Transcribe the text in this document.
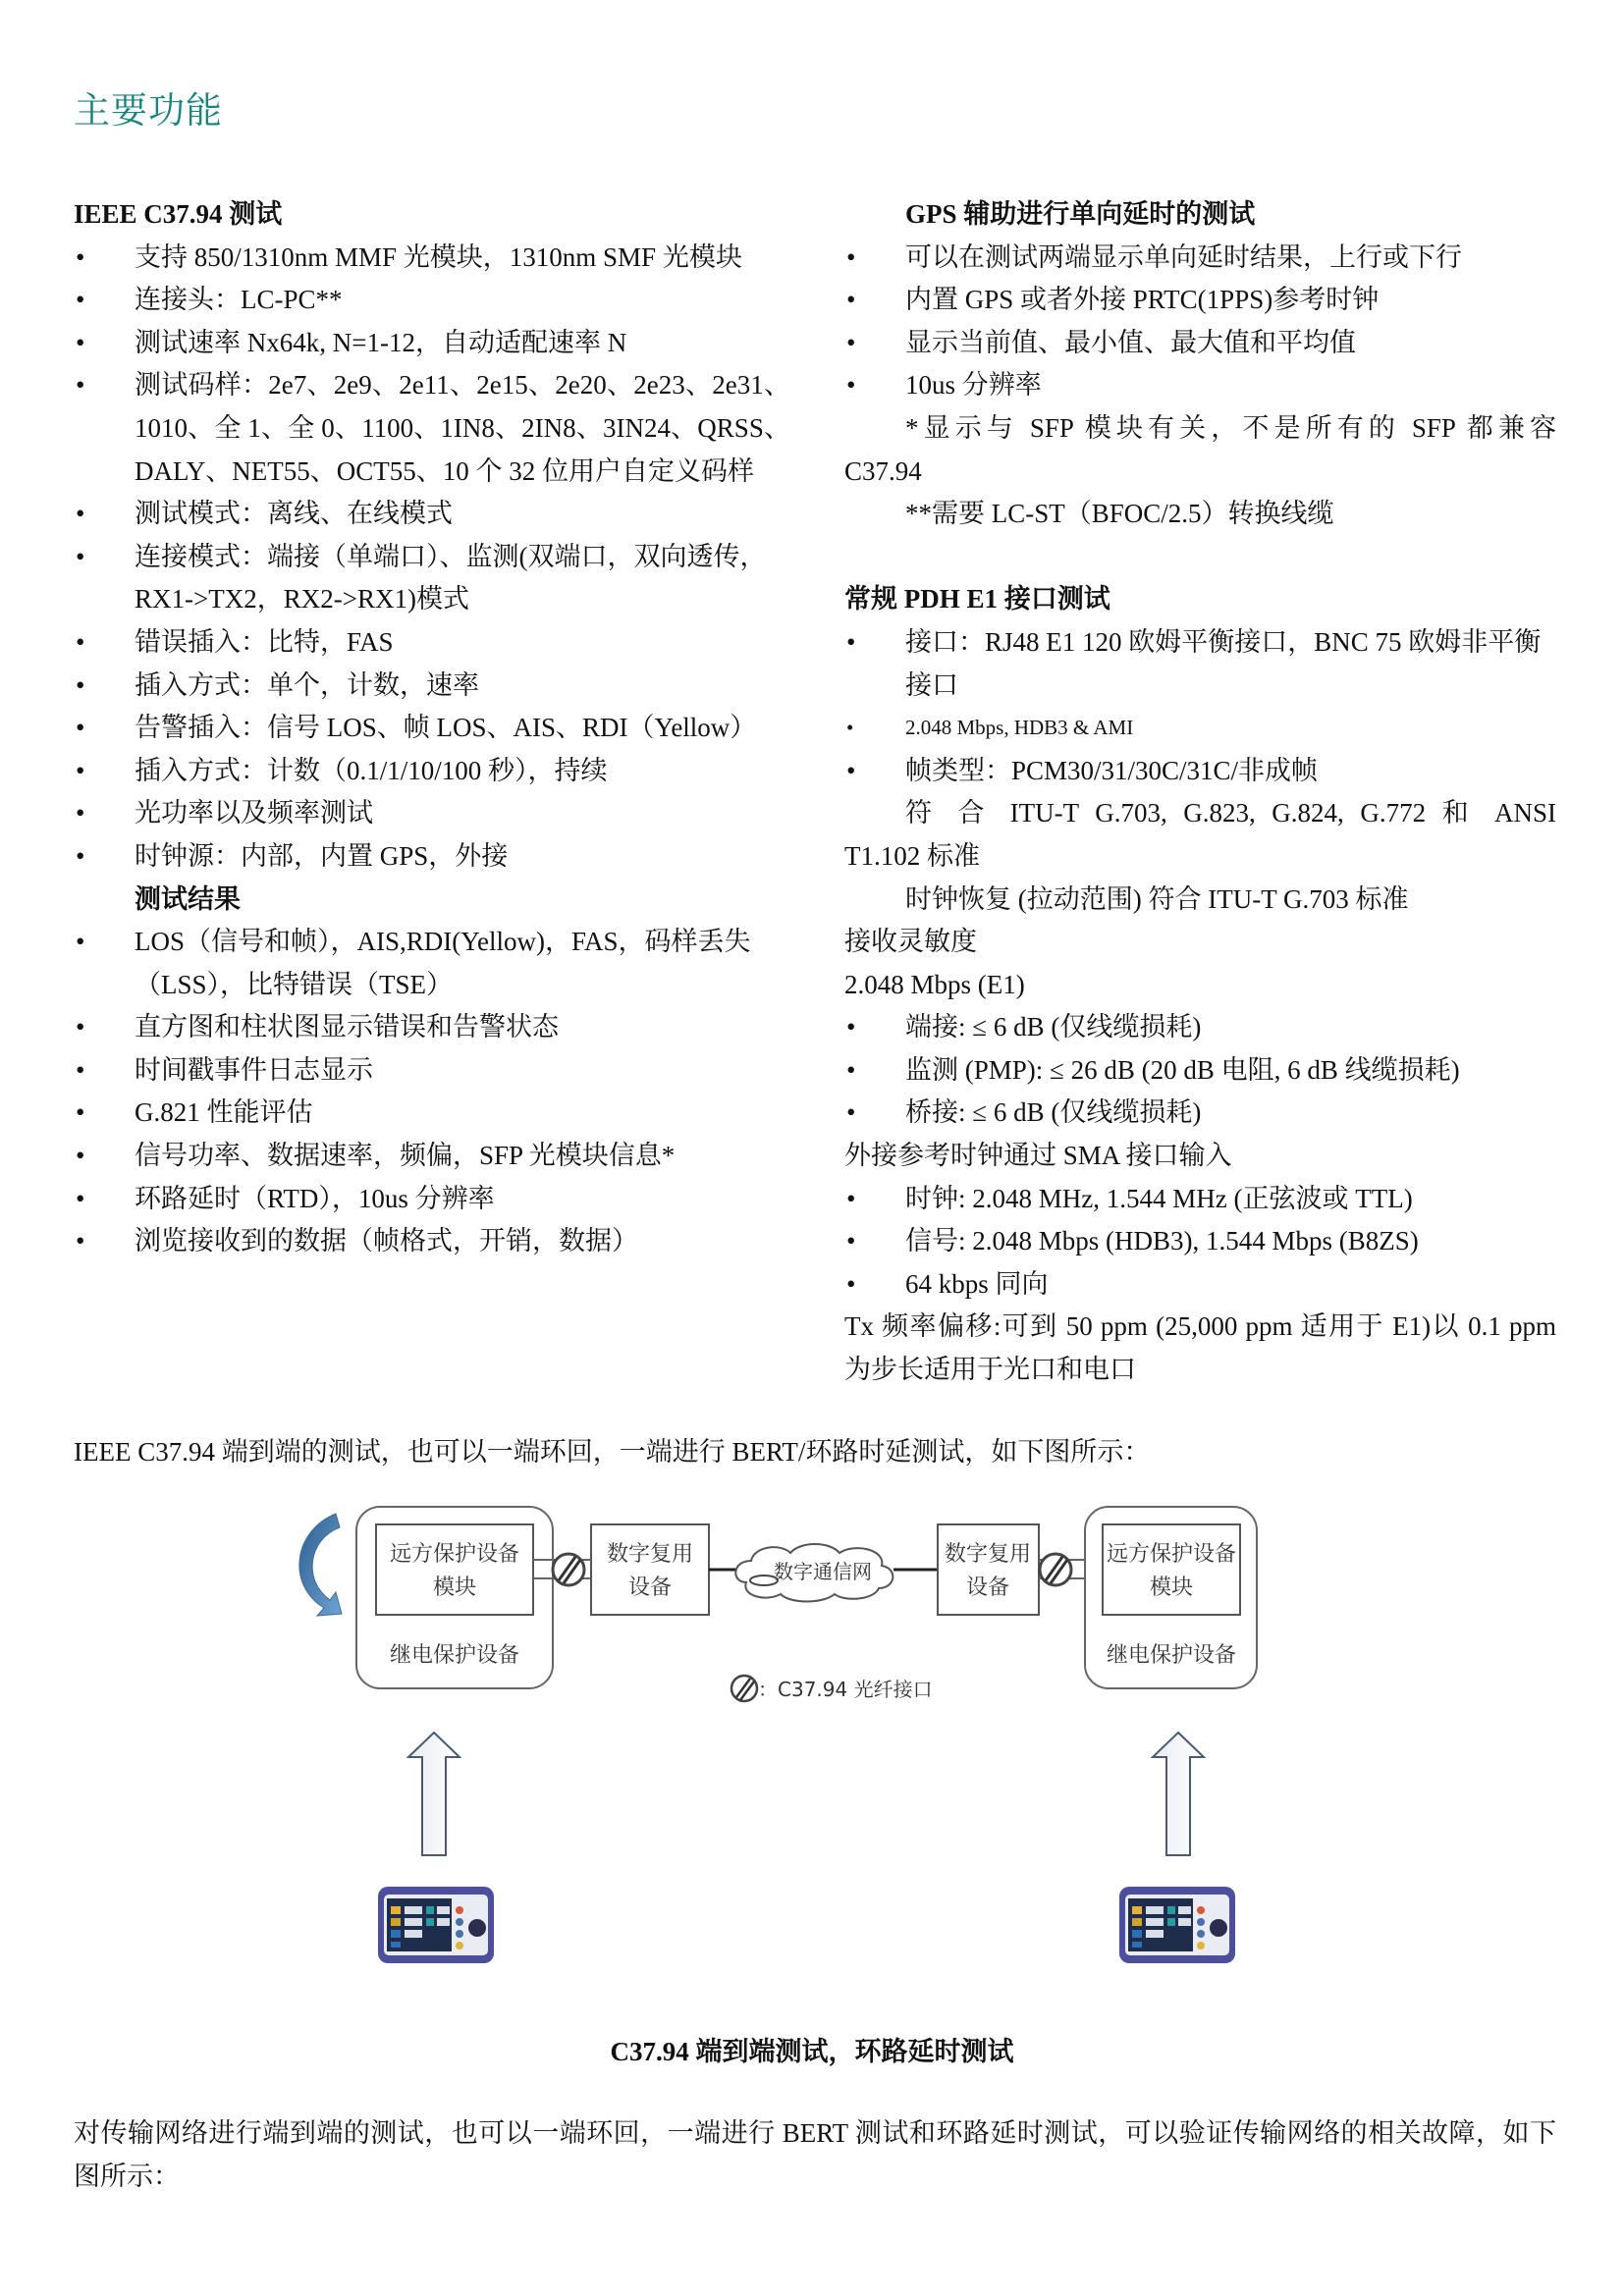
主要功能

IEEE C37.94 测试

• 支持 850/1310nm MMF 光模块，1310nm SMF 光模块
• 连接头：LC-PC**
• 测试速率 Nx64k, N=1-12，自动适配速率 N
• 测试码样：2e7、2e9、2e11、2e15、2e20、2e23、2e31、1010、全 1、全 0、1100、1IN8、2IN8、3IN24、QRSS、DALY、NET55、OCT55、10 个 32 位用户自定义码样
• 测试模式：离线、在线模式
• 连接模式：端接（单端口）、监测(双端口，双向透传，RX1->TX2，RX2->RX1)模式
• 错误插入：比特，FAS
• 插入方式：单个，计数，速率
• 告警插入：信号 LOS、帧 LOS、AIS、RDI（Yellow）
• 插入方式：计数（0.1/1/10/100 秒），持续
• 光功率以及频率测试
• 时钟源：内部，内置 GPS，外接

测试结果

• LOS（信号和帧），AIS,RDI(Yellow)，FAS，码样丢失（LSS），比特错误（TSE）
• 直方图和柱状图显示错误和告警状态
• 时间戳事件日志显示
• G.821 性能评估
• 信号功率、数据速率，频偏，SFP 光模块信息*
• 环路延时（RTD），10us 分辨率
• 浏览接收到的数据（帧格式，开销，数据）

GPS 辅助进行单向延时的测试

• 可以在测试两端显示单向延时结果，上行或下行
• 内置 GPS 或者外接 PRTC(1PPS)参考时钟
• 显示当前值、最小值、最大值和平均值
• 10us 分辨率

*显示与 SFP 模块有关，不是所有的 SFP 都兼容

C37.94

**需要 LC-ST（BFOC/2.5）转换线缆

常规 PDH E1 接口测试

• 接口：RJ48 E1 120 欧姆平衡接口，BNC 75 欧姆非平衡接口
• 2.048 Mbps, HDB3 & AMI
• 帧类型：PCM30/31/30C/31C/非成帧

符 合 ITU-T G.703, G.823, G.824, G.772 和 ANSI

T1.102 标准

时钟恢复 (拉动范围) 符合 ITU-T G.703 标准

接收灵敏度

2.048 Mbps (E1)

• 端接: ≤ 6 dB (仅线缆损耗)
• 监测 (PMP): ≤ 26 dB (20 dB 电阻, 6 dB 线缆损耗)
• 桥接: ≤ 6 dB (仅线缆损耗)

外接参考时钟通过 SMA 接口输入

• 时钟: 2.048 MHz, 1.544 MHz (正弦波或 TTL)
• 信号: 2.048 Mbps (HDB3), 1.544 Mbps (B8ZS)
• 64 kbps 同向

Tx 频率偏移:可到 50 ppm (25,000 ppm 适用于 E1)以 0.1 ppm 为步长适用于光口和电口

IEEE C37.94 端到端的测试，也可以一端环回，一端进行 BERT/环路时延测试，如下图所示：

远方保护设备
模块
继电保护设备
数字复用
设备
数字通信网
数字复用
设备
远方保护设备
模块
继电保护设备
：C37.94 光纤接口

C37.94 端到端测试，环路延时测试

对传输网络进行端到端的测试，也可以一端环回，一端进行 BERT 测试和环路延时测试，可以验证传输网络的相关故障，如下图所示：
